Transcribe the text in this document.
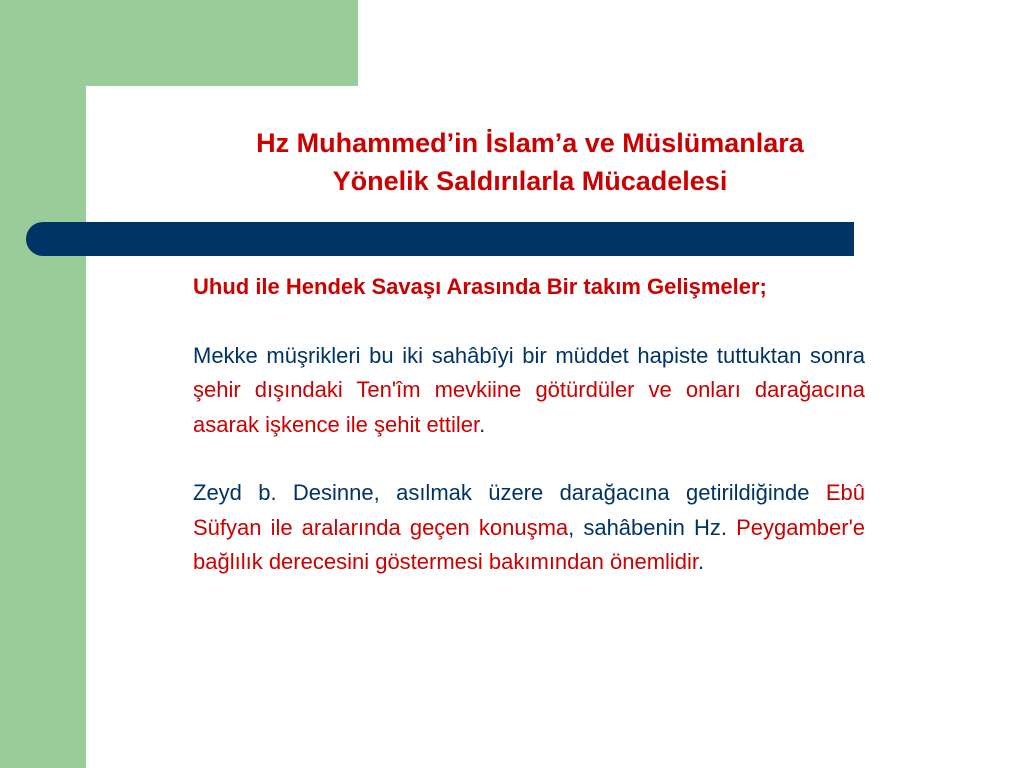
Hz Muhammed’in İslam’a ve Müslümanlara
Yönelik Saldırılarla Mücadelesi

Uhud ile Hendek Savaşı Arasında Bir takım Gelişmeler;

Mekke müşrikleri bu iki sahâbîyi bir müddet hapiste tuttuktan sonra şehir dışındaki Ten'îm mevkiine götürdüler ve onları darağacına asarak işkence ile şehit ettiler.

Zeyd b. Desinne, asılmak üzere darağacına getirildiğinde Ebû Süfyan ile aralarında geçen konuşma, sahâbenin Hz. Peygamber'e bağlılık derecesini göstermesi bakımından önemlidir.
